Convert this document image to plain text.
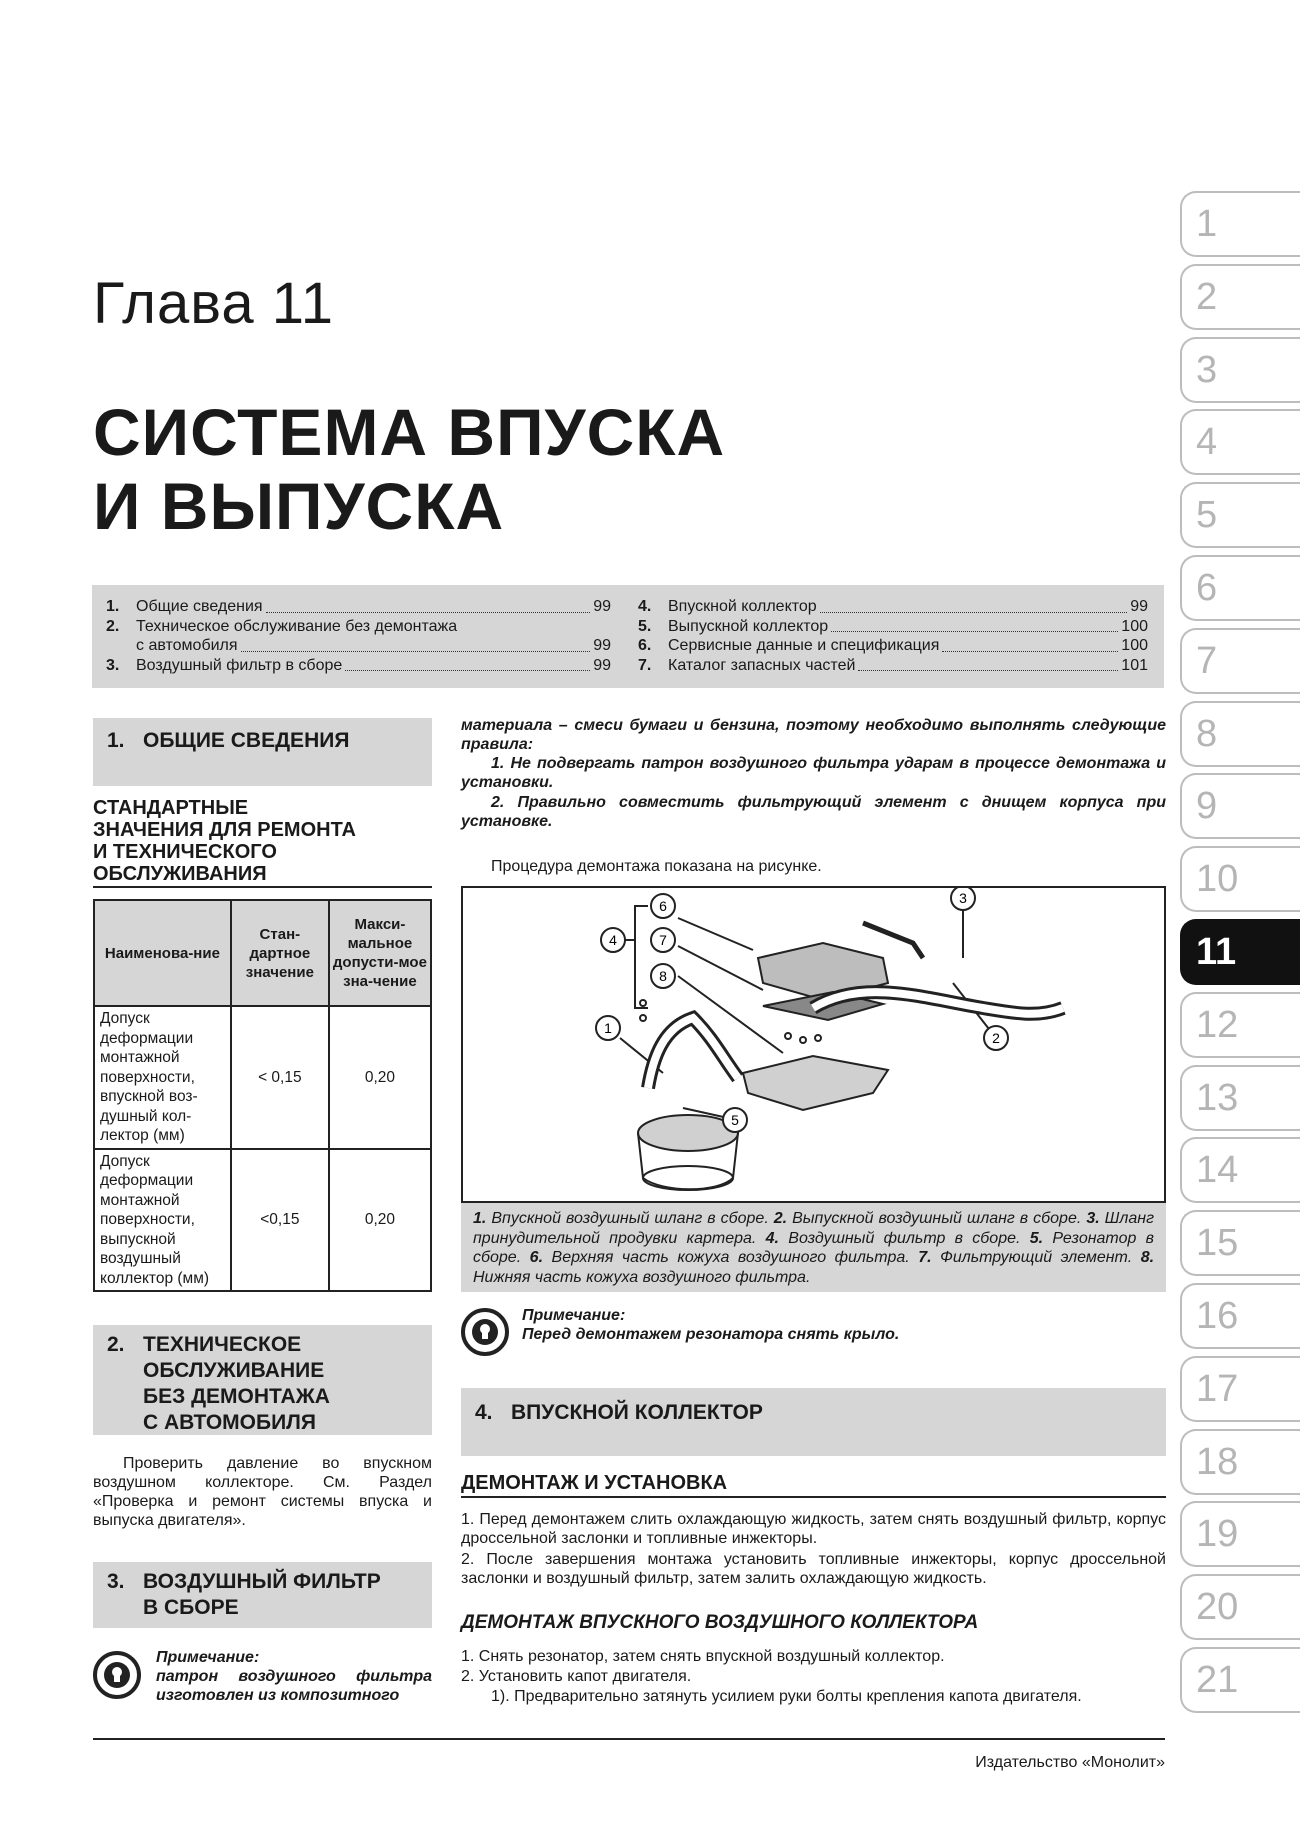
Глава 11
СИСТЕМА ВПУСКА
И ВЫПУСКА
1.	Общие сведения	99
2.	Техническое обслуживание без демонтажа
с автомобиля	99
3.	Воздушный фильтр в сборе	99
4.	Впускной коллектор	99
5.	Выпускной коллектор	100
6.	Сервисные данные и спецификация	100
7.	Каталог запасных частей	101
1. ОБЩИЕ СВЕДЕНИЯ
СТАНДАРТНЫЕ
ЗНАЧЕНИЯ ДЛЯ РЕМОНТА
И ТЕХНИЧЕСКОГО
ОБСЛУЖИВАНИЯ
Наименова-ние	Стан-дартное значение	Макси-мальное допусти-мое зна-чение
Допуск деформации монтажной поверхности, впускной воз-душный кол-лектор (мм)	< 0,15	0,20
Допуск деформации монтажной поверхности, выпускной воздушный коллектор (мм)	<0,15	0,20
2. ТЕХНИЧЕСКОЕ
ОБСЛУЖИВАНИЕ
БЕЗ ДЕМОНТАЖА
С АВТОМОБИЛЯ
Проверить давление во впускном воздушном коллекторе. См. Раздел «Проверка и ремонт системы впуска и выпуска двигателя».
3. ВОЗДУШНЫЙ ФИЛЬТР
В СБОРЕ
Примечание:
патрон воздушного фильтра изготовлен из композитного
материала – смеси бумаги и бензина, поэтому необходимо выполнять следующие правила:
1. Не подвергать патрон воздушного фильтра ударам в процессе демонтажа и установки.
2. Правильно совместить фильтрующий элемент с днищем корпуса при установке.
Процедура демонтажа показана на рисунке.
6
7
8
4
3
2
1
5
1. Впускной воздушный шланг в сборе. 2. Выпускной воздушный шланг в сборе. 3. Шланг принудительной продувки картера. 4. Воздушный фильтр в сборе. 5. Резонатор в сборе. 6. Верхняя часть кожуха воздушного фильтра. 7. Фильтрующий элемент. 8. Нижняя часть кожуха воздушного фильтра.
Примечание:
Перед демонтажем резонатора снять крыло.
4. ВПУСКНОЙ КОЛЛЕКТОР
ДЕМОНТАЖ И УСТАНОВКА
1. Перед демонтажем слить охлаждающую жидкость, затем снять воздушный фильтр, корпус дроссельной заслонки и топливные инжекторы.
2. После завершения монтажа установить топливные инжекторы, корпус дроссельной заслонки и воздушный фильтр, затем залить охлаждающую жидкость.
ДЕМОНТАЖ ВПУСКНОГО ВОЗДУШНОГО КОЛЛЕКТОРА
1. Снять резонатор, затем снять впускной воздушный коллектор.
2. Установить капот двигателя.
1). Предварительно затянуть усилием руки болты крепления капота двигателя.
Издательство «Монолит»
1
2
3
4
5
6
7
8
9
10
11
12
13
14
15
16
17
18
19
20
21
